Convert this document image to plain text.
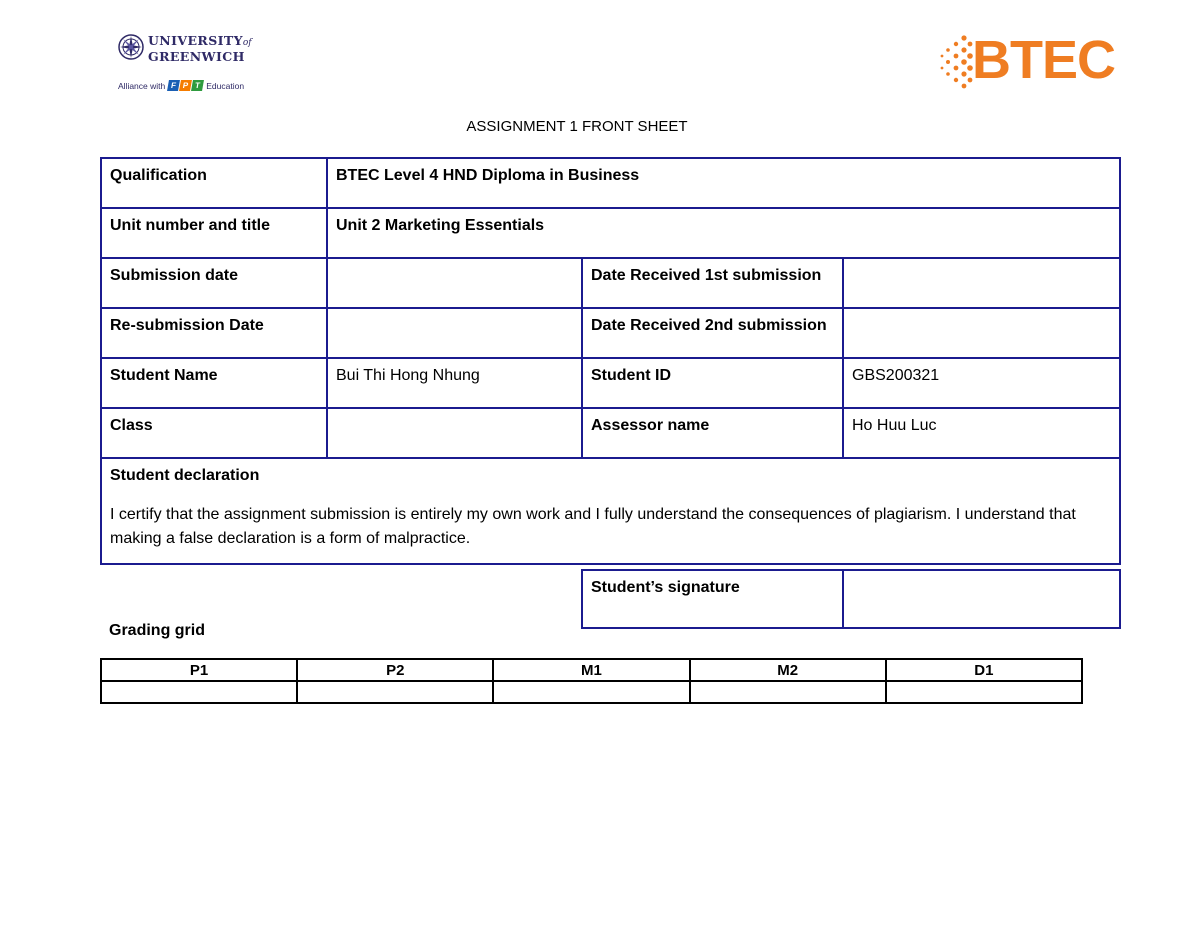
UNIVERSITYof
GREENWICH
Alliance with F P T Education	BTEC
ASSIGNMENT 1 FRONT SHEET
Qualification	BTEC Level 4 HND Diploma in Business		
Unit number and title	Unit 2 Marketing Essentials		
Submission date		Date Received 1st submission	
Re-submission Date		Date Received 2nd submission	
Student Name	Bui Thi Hong Nhung	Student ID	GBS200321
Class		Assessor name	Ho Huu Luc

Student declaration
I certify that the assignment submission is entirely my own work and I fully understand the consequences of plagiarism. I understand that making a false declaration is a form of malpractice.			
Student’s signature	
Grading grid
P1	P2	M1	M2	D1
